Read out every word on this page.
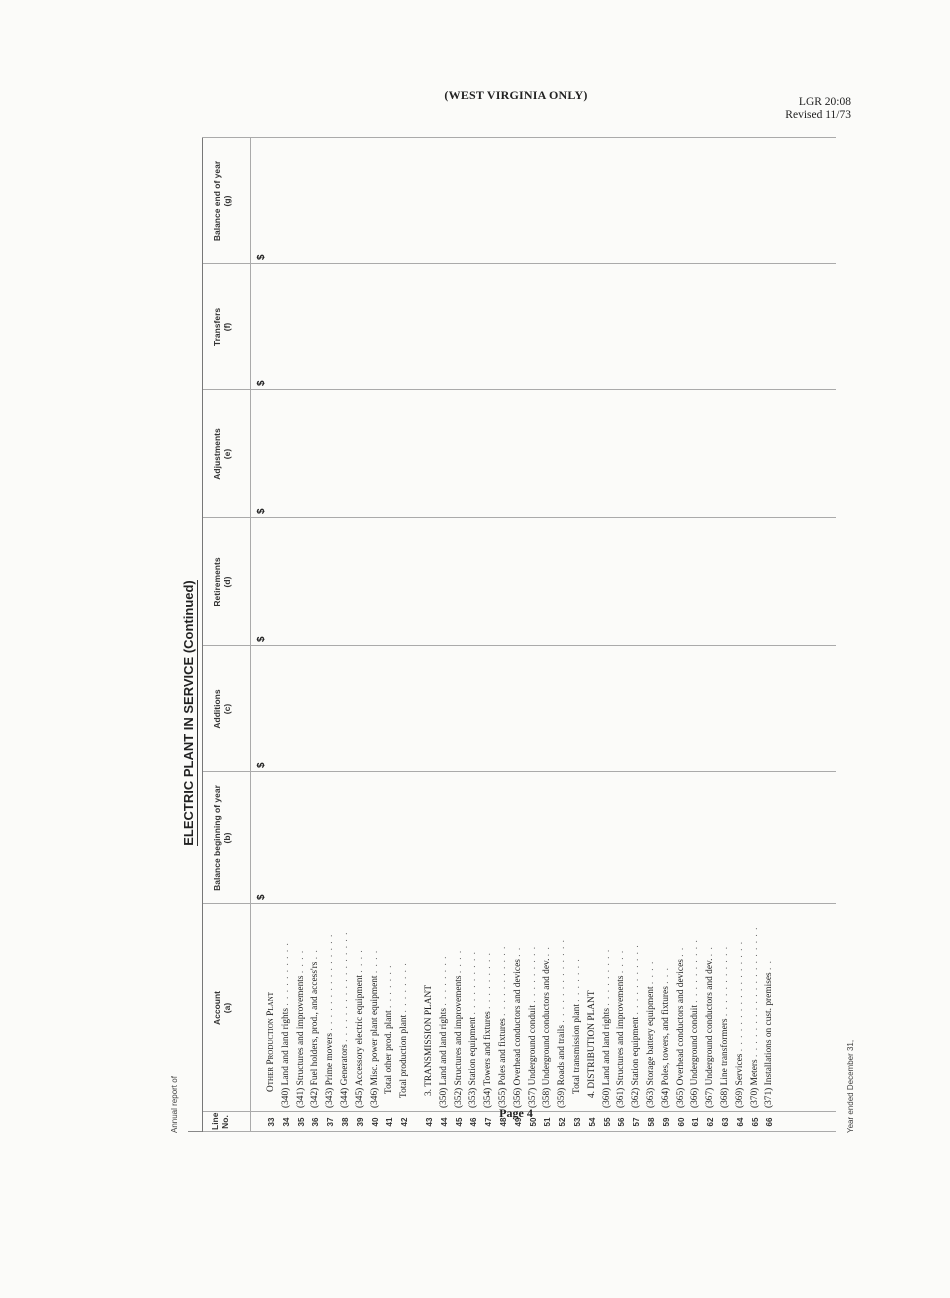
(WEST VIRGINIA ONLY)	LGR 20:08
Revised 11/73
Annual report of	Year ended December 31,
ELECTRIC PLANT IN SERVICE (Continued)
Line No.
Account (a)
Balance beginning of year (b)
Additions (c)
Retirements (d)
Adjustments (e)
Transfers (f)
Balance end of year (g)
$
$
$
$
$
$
33
Other Production Plant
34
(340) Land and land rights . . . . . . . . . .
35
(341) Structures and improvements . . . .
36
(342) Fuel holders, prod., and access'rs . .
37
(343) Prime movers . . . . . . . . . . . . . . .
38
(344) Generators . . . . . . . . . . . . . . . . .
39
(345) Accessory electric equipment . . . .
40
(346) Misc. power plant equipment . . . .
41
Total other prod. plant . . . . . . .
42
Total production plant . . . . . . . .
43
3. TRANSMISSION PLANT
44
(350) Land and land rights . . . . . . . .
45
(352) Structures and improvements . . . .
46
(353) Station equipment . . . . . . . . . .
47
(354) Towers and fixtures . . . . . . . . .
48
(355) Poles and fixtures . . . . . . . . . . .
49
(356) Overhead conductors and devices . .
50
(357) Underground conduit . . . . . . . . .
51
(358) Underground conductors and dev. . .
52
(359) Roads and trails . . . . . . . . . . . . .
53
Total transmission plant . . . . . . .
54
4. DISTRIBUTION PLANT
55
(360) Land and land rights . . . . . . . . .
56
(361) Structures and improvements . . . .
57
(362) Station equipment . . . . . . . . . . .
58
(363) Storage battery equipment . . . .
59
(364) Poles, towers, and fixtures . . .
60
(365) Overhead conductors and devices . .
61
(366) Underground conduit . . . . . . . . . .
62
(367) Underground conductors and dev. . .
63
(368) Line transformers . . . . . . . . . . .
64
(369) Services . . . . . . . . . . . . . . . . .
65
(370) Meters . . . . . . . . . . . . . . . . . . . .
66
(371) Installations on cust. premises . .
Page 4
